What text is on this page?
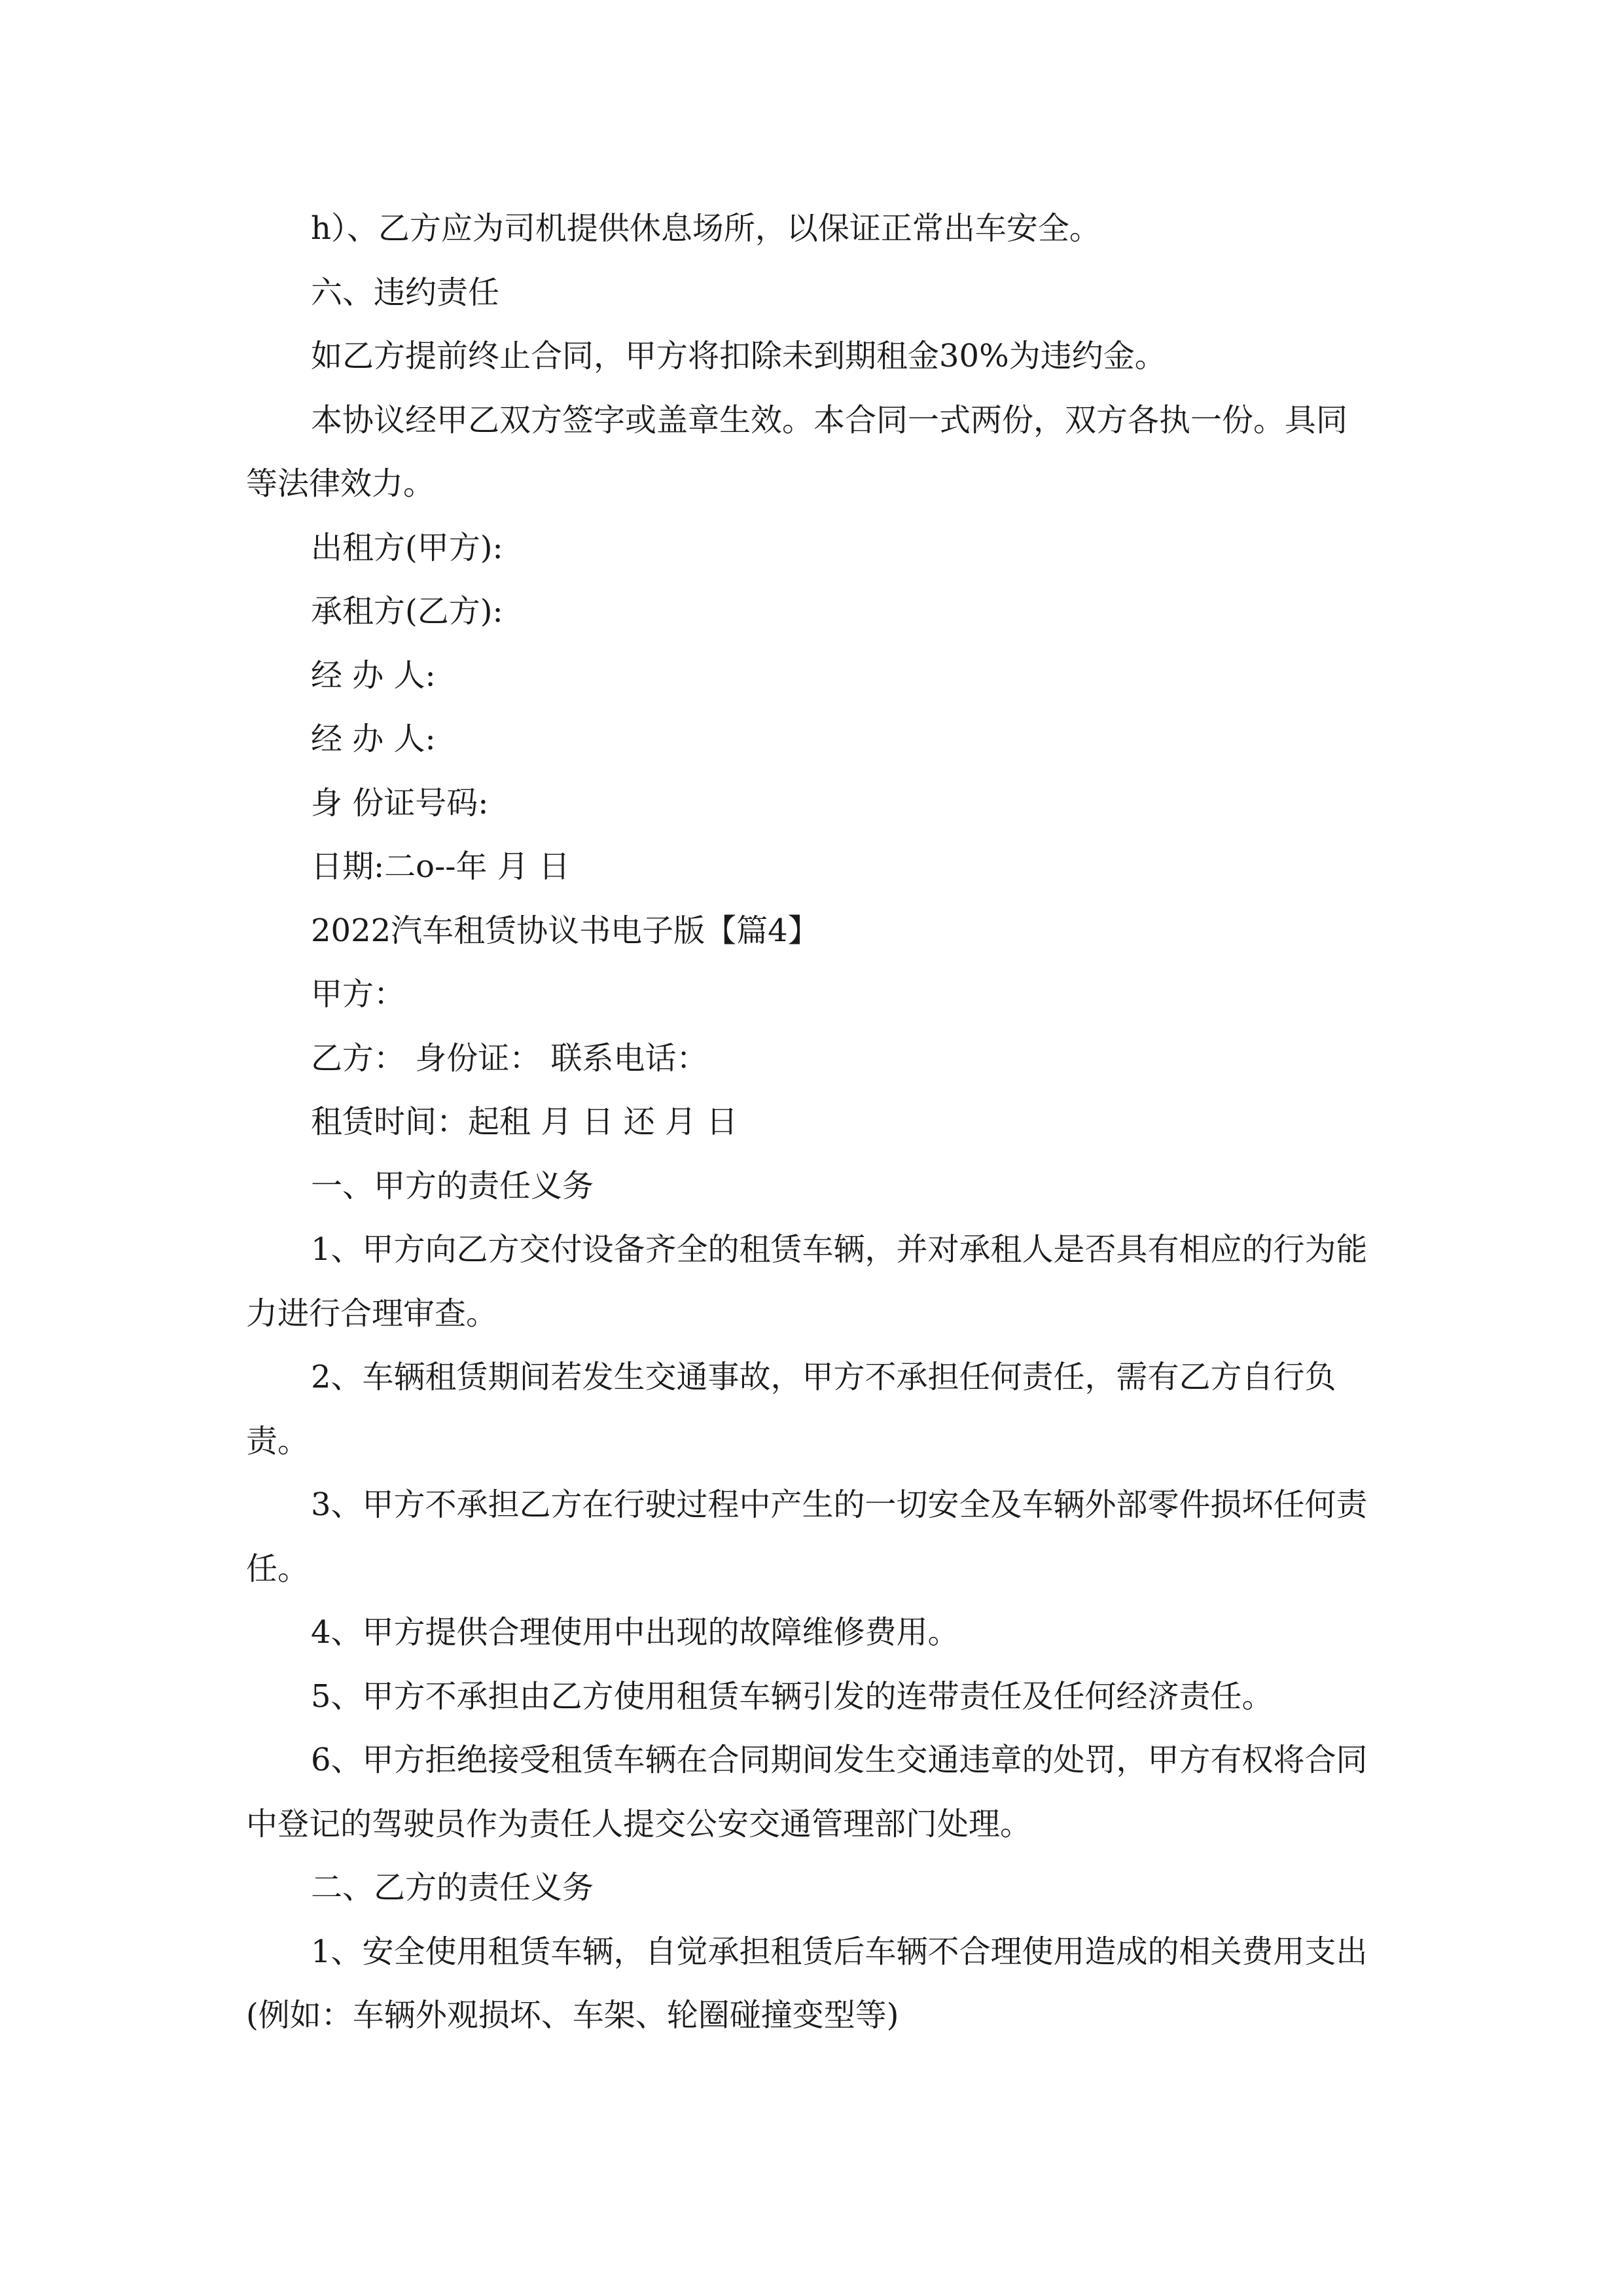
h）、乙方应为司机提供休息场所，以保证正常出车安全。

六、违约责任

如乙方提前终止合同，甲方将扣除未到期租金30%为违约金。

本协议经甲乙双方签字或盖章生效。本合同一式两份，双方各执一份。具同等法律效力。

出租方(甲方):

承租方(乙方):

经 办 人:

经 办 人:

身 份证号码:

日期:二o--年 月 日

2022汽车租赁协议书电子版【篇4】

甲方：

乙方： 身份证： 联系电话：

租赁时间：起租 月 日 还 月 日

一、甲方的责任义务

1、甲方向乙方交付设备齐全的租赁车辆，并对承租人是否具有相应的行为能力进行合理审查。

2、车辆租赁期间若发生交通事故，甲方不承担任何责任，需有乙方自行负责。

3、甲方不承担乙方在行驶过程中产生的一切安全及车辆外部零件损坏任何责任。

4、甲方提供合理使用中出现的故障维修费用。

5、甲方不承担由乙方使用租赁车辆引发的连带责任及任何经济责任。

6、甲方拒绝接受租赁车辆在合同期间发生交通违章的处罚，甲方有权将合同中登记的驾驶员作为责任人提交公安交通管理部门处理。

二、乙方的责任义务

1、安全使用租赁车辆，自觉承担租赁后车辆不合理使用造成的相关费用支出(例如：车辆外观损坏、车架、轮圈碰撞变型等)
